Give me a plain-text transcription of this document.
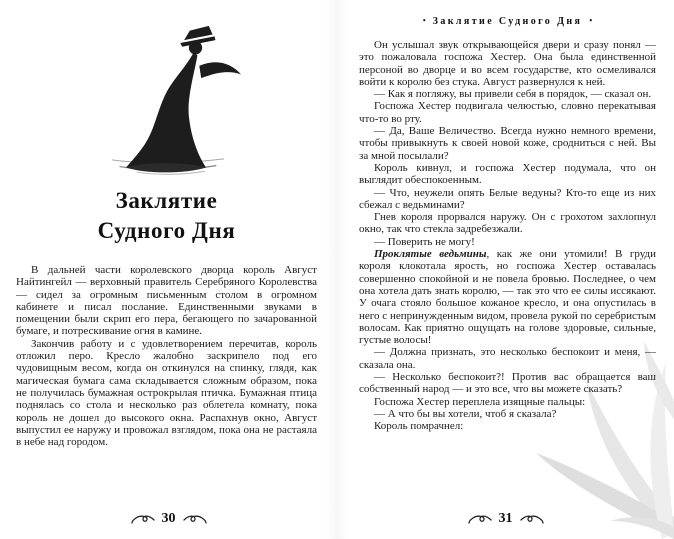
Заклятие
Судного Дня

В дальней части королевского дворца король Август Найтингейл — верховный правитель Серебряного Королевства — сидел за огромным письменным столом в огромном кабинете и писал послание. Единственными звуками в помещении были скрип его пера, бегающего по зачарованной бумаге, и потрескивание огня в камине.

Закончив работу и с удовлетворением перечитав, король отложил перо. Кресло жалобно заскрипело под его чудовищным весом, когда он откинулся на спинку, глядя, как магическая бумага сама складывается сложным образом, пока не получилась бумажная острокрылая птичка. Бумажная птица поднялась со стола и несколько раз облетела комнату, пока король не дошел до высокого окна. Распахнув окно, Август выпустил ее наружу и провожал взглядом, пока она не растаяла в небе над городом.

30
• Заклятие Судного Дня •

Он услышал звук открывающейся двери и сразу понял — это пожаловала госпожа Хестер. Она была единственной персоной во дворце и во всем государстве, кто осмеливался войти к королю без стука. Август развернулся к ней.

— Как я погляжу, вы привели себя в порядок, — сказал он.

Госпожа Хестер подвигала челюстью, словно перекатывая что-то во рту.

— Да, Ваше Величество. Всегда нужно немного времени, чтобы привыкнуть к своей новой коже, сродниться с ней. Вы за мной посылали?

Король кивнул, и госпожа Хестер подумала, что он выглядит обеспокоенным.

— Что, неужели опять Белые ведуны? Кто-то еще из них сбежал с ведьминами?

Гнев короля прорвался наружу. Он с грохотом захлопнул окно, так что стекла задребезжали.

— Поверить не могу!

Проклятые ведьмины, как же они утомили! В груди короля клокотала ярость, но госпожа Хестер оставалась совершенно спокойной и не повела бровью. Последнее, о чем она хотела дать знать королю, — так это что ее силы иссякают. У очага стояло большое кожаное кресло, и она опустилась в него с непринужденным видом, провела рукой по серебристым волосам. Как приятно ощущать на голове здоровые, сильные, густые волосы!

— Должна признать, это несколько беспокоит и меня, — сказала она.

— Несколько беспокоит?! Против вас обращается ваш собственный народ — и это все, что вы можете сказать?

Госпожа Хестер переплела изящные пальцы:

— А что бы вы хотели, чтоб я сказала?

Король помрачнел:

31
